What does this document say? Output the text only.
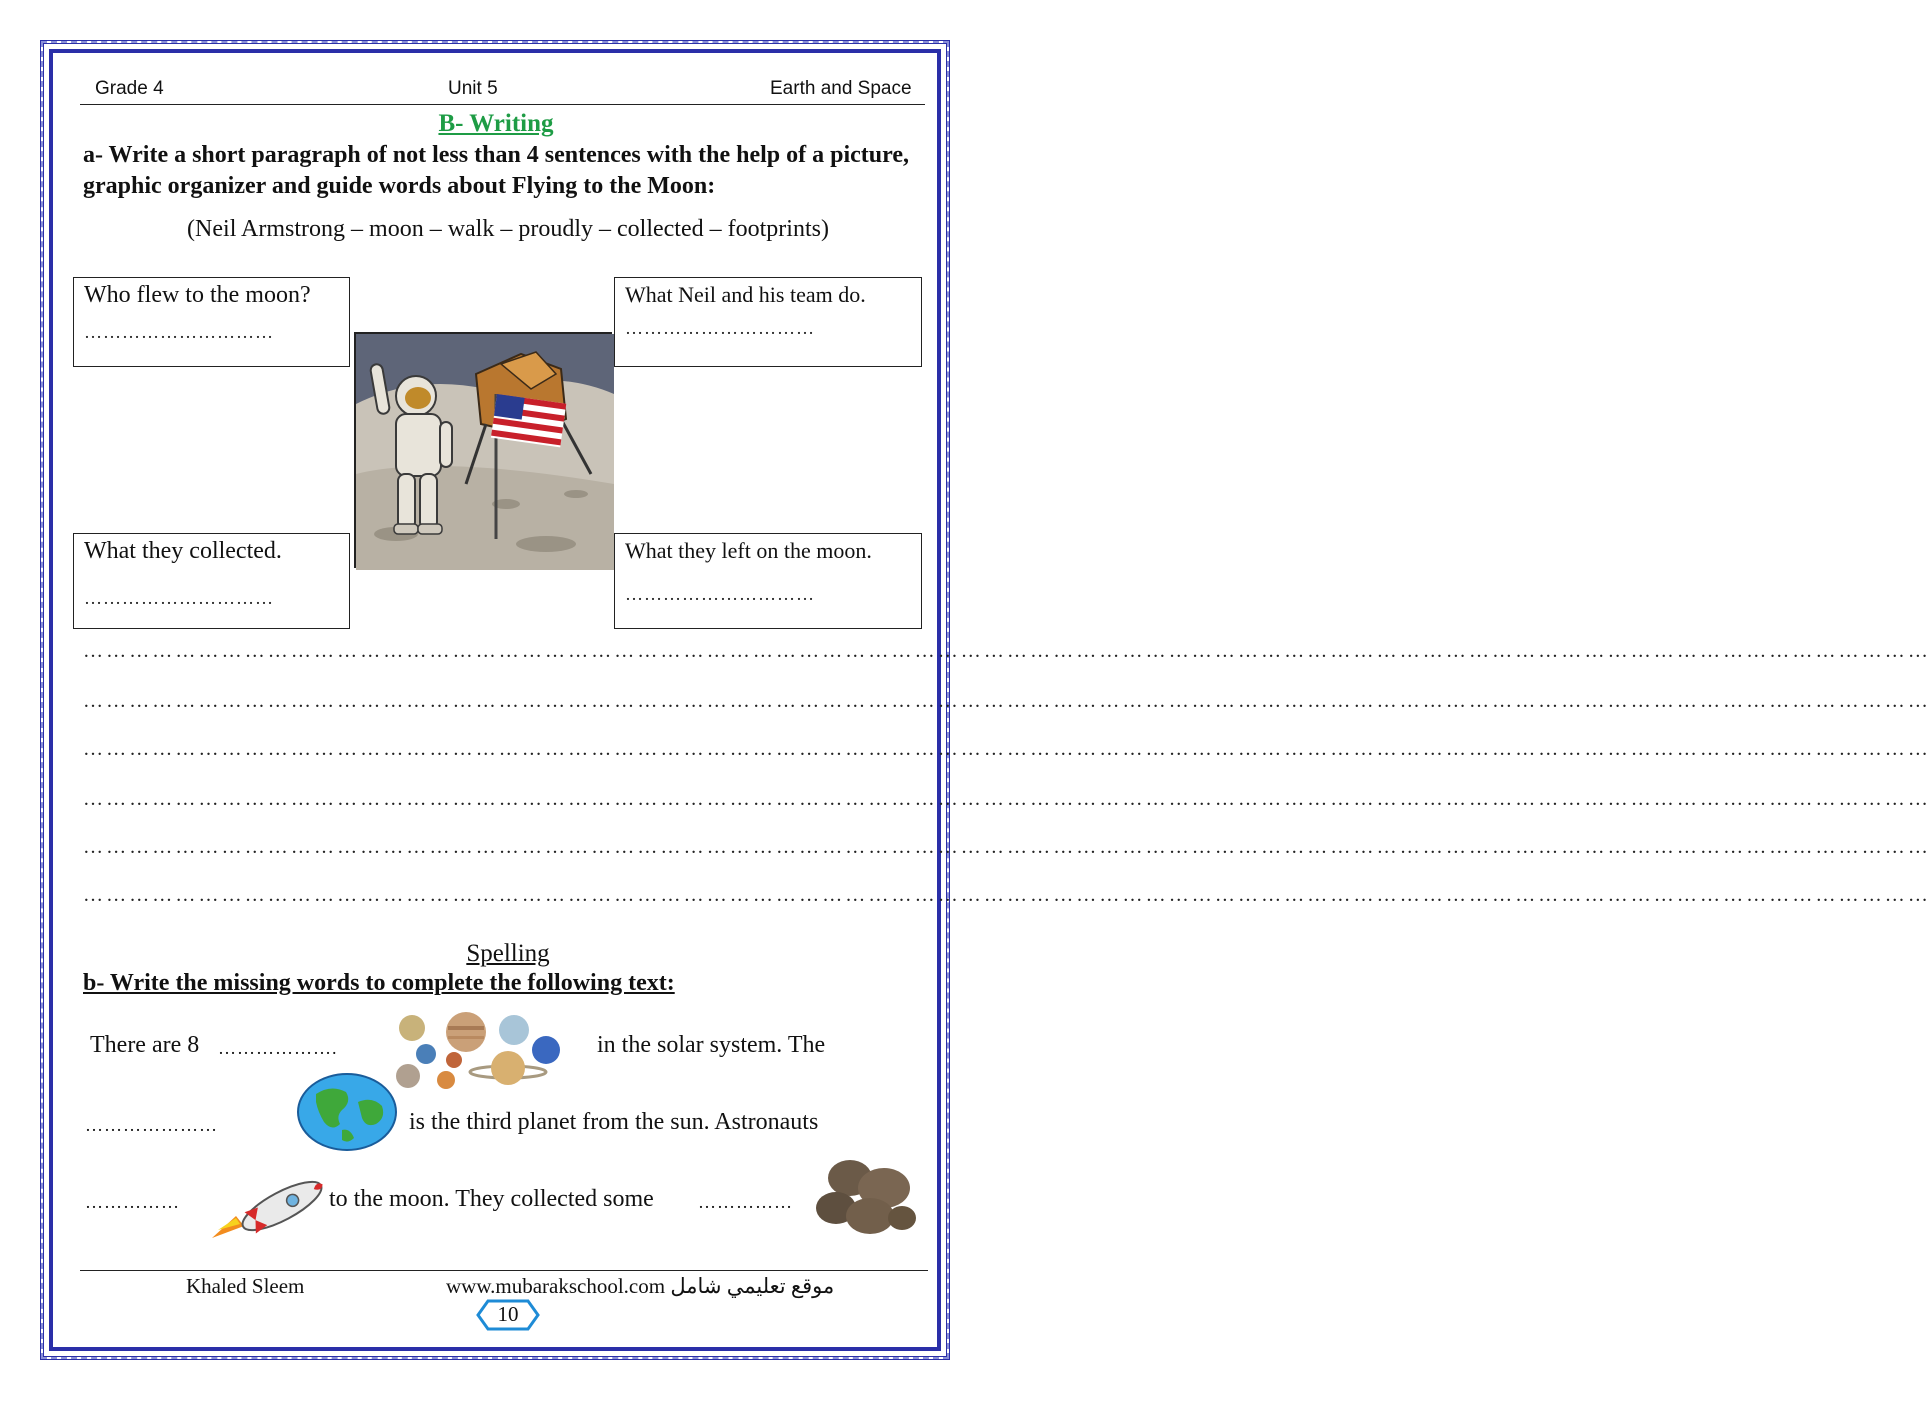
Grade 4	Unit 5	Earth and Space
B- Writing
a- Write a short paragraph of not less than 4 sentences with the help of a picture, graphic organizer and guide words about Flying to the Moon:
(Neil Armstrong – moon – walk – proudly – collected – footprints)
Who flew to the moon?
…………………………
What Neil and his team do.
…………………………
What they collected.
…………………………
What they left on the moon.
…………………………
……………………………………………………………………………………………………………………………………………………………………………………………………………………
……………………………………………………………………………………………………………………………………………………………………………………………………………………
……………………………………………………………………………………………………………………………………………………………………………………………………………………
……………………………………………………………………………………………………………………………………………………………………………………………………………………
……………………………………………………………………………………………………………………………………………………………………………………………………………………
……………………………………………………………………………………………………………………………………………………………………………………………………………………
Spelling
b- Write the missing words to complete the following text:
There are 8 ……………….	in the solar system. The
…………………	is the third planet from the sun. Astronauts
……………	to the moon. They collected some ……………
Khaled Sleem	www.mubarakschool.com موقع تعليمي شامل
10
